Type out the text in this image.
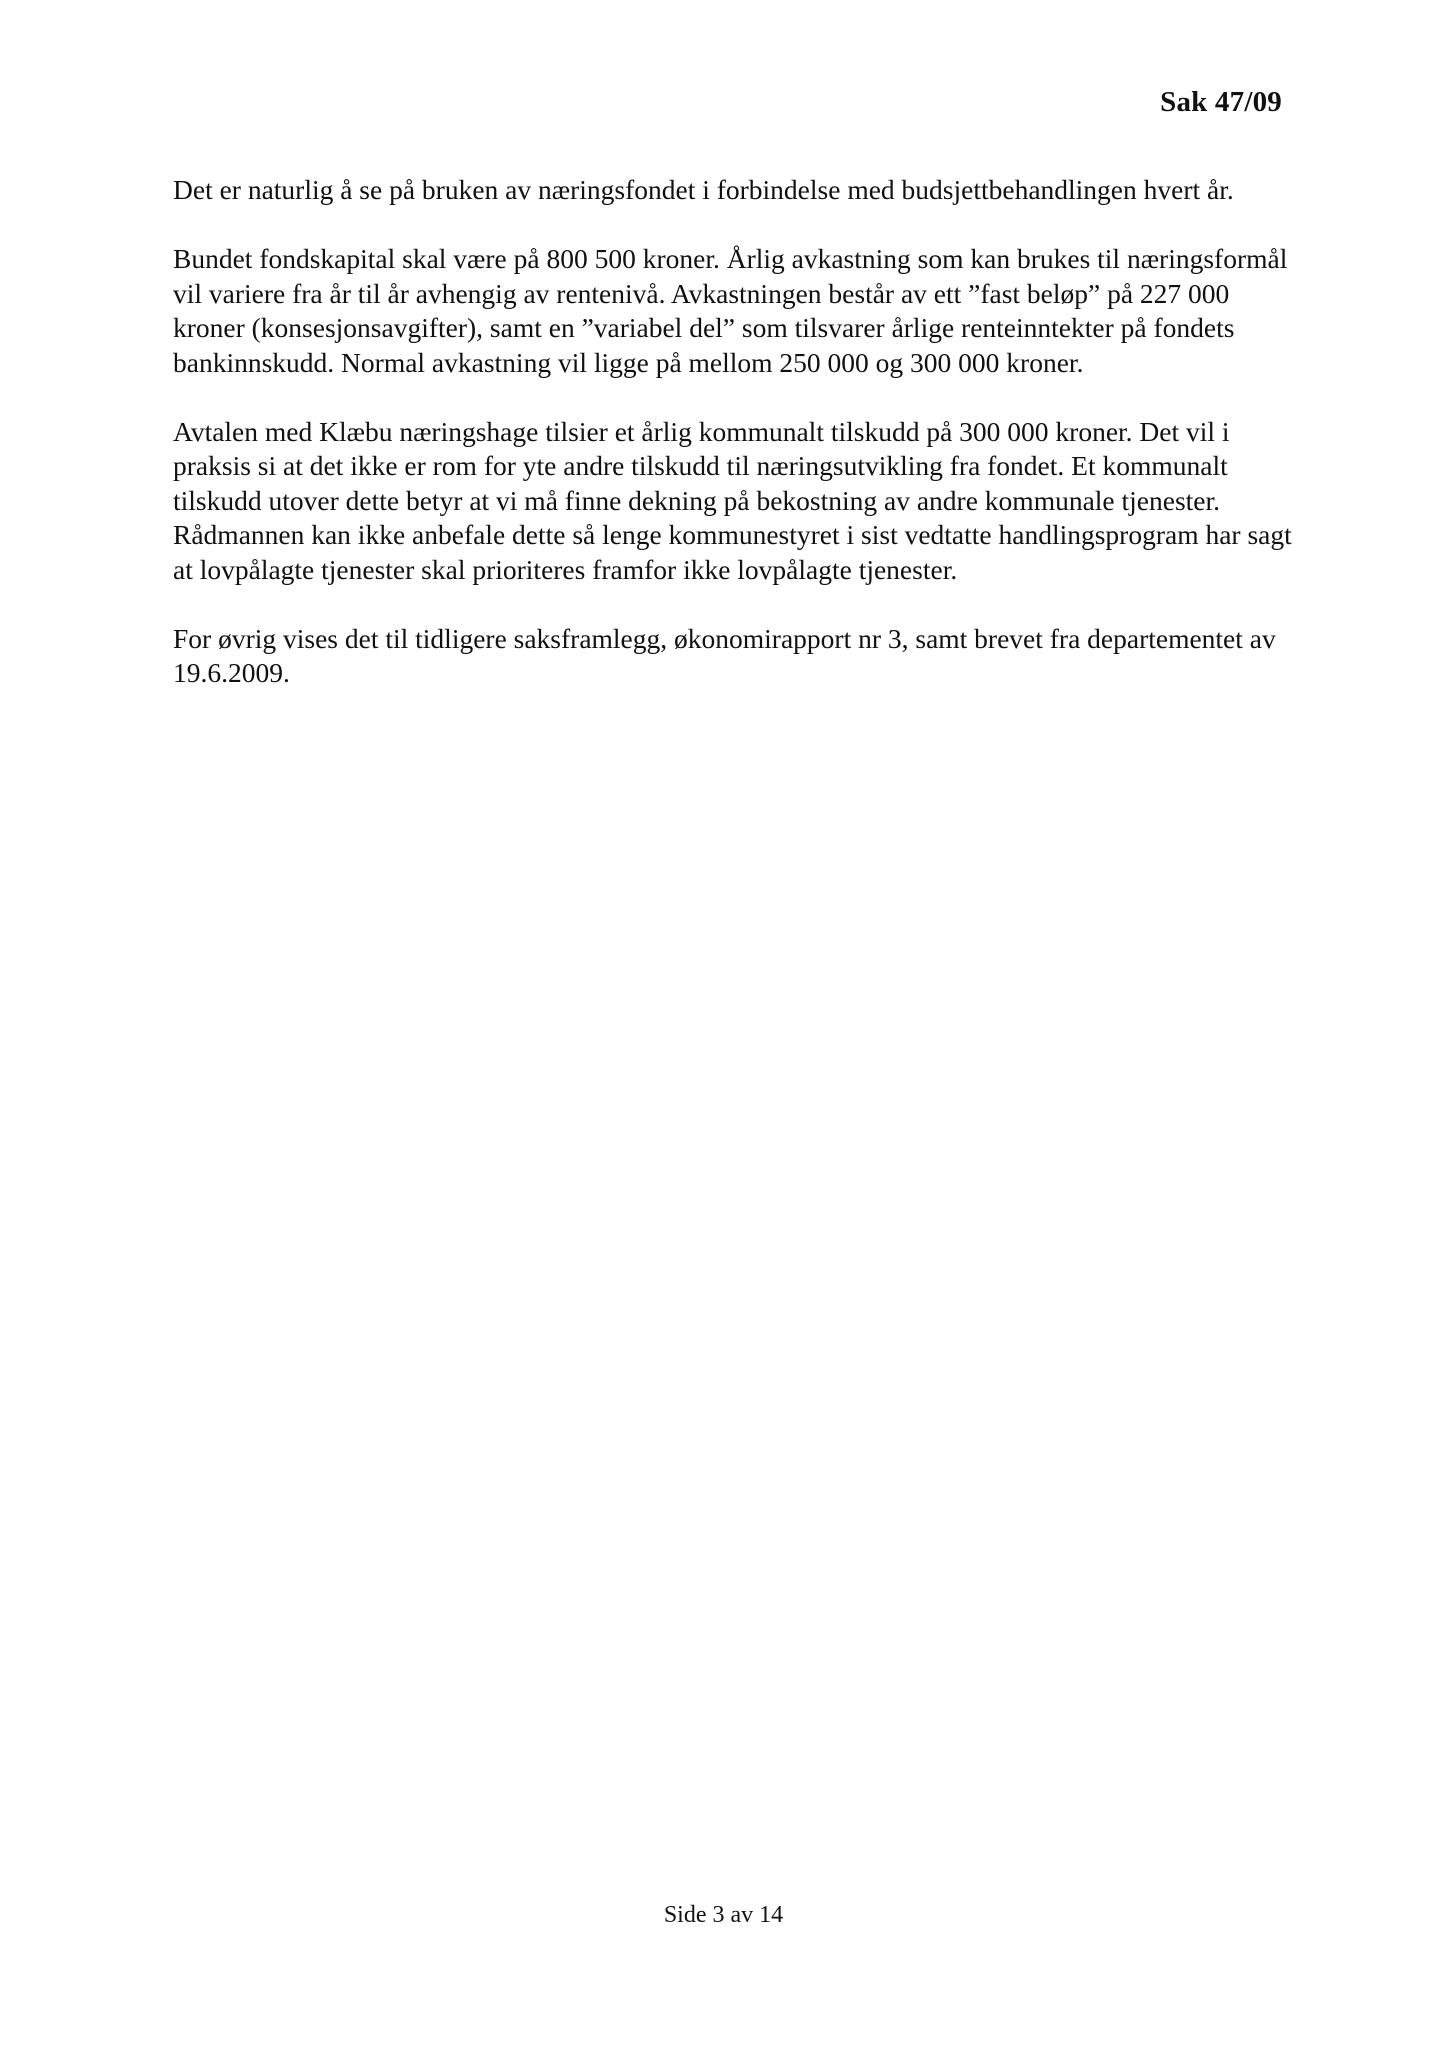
Sak 47/09

Det er naturlig å se på bruken av næringsfondet i forbindelse med budsjettbehandlingen hvert år.

Bundet fondskapital skal være på 800 500 kroner. Årlig avkastning som kan brukes til næringsformål vil variere fra år til år avhengig av rentenivå. Avkastningen består av ett ”fast beløp” på 227 000 kroner (konsesjonsavgifter), samt en ”variabel del” som tilsvarer årlige renteinntekter på fondets bankinnskudd. Normal avkastning vil ligge på mellom 250 000 og 300 000 kroner.

Avtalen med Klæbu næringshage tilsier et årlig kommunalt tilskudd på 300 000 kroner. Det vil i praksis si at det ikke er rom for yte andre tilskudd til næringsutvikling fra fondet. Et kommunalt tilskudd utover dette betyr at vi må finne dekning på bekostning av andre kommunale tjenester. Rådmannen kan ikke anbefale dette så lenge kommunestyret i sist vedtatte handlingsprogram har sagt at lovpålagte tjenester skal prioriteres framfor ikke lovpålagte tjenester.

For øvrig vises det til tidligere saksframlegg, økonomirapport nr 3, samt brevet fra departementet av 19.6.2009.

Side 3 av 14
